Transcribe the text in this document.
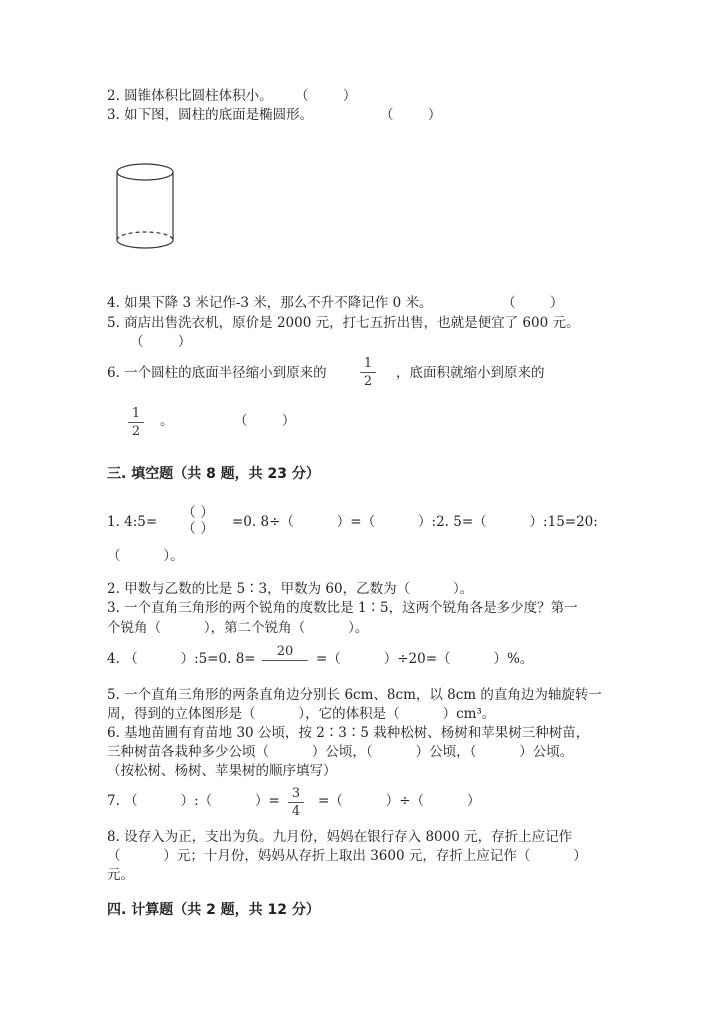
2. 圆锥体积比圆柱体积小。 （        ）
3. 如下图，圆柱的底面是椭圆形。	（        ）
4. 如果下降 3 米记作-3 米，那么不升不降记作 0 米。	（        ）
5. 商店出售洗衣机，原价是 2000 元，打七五折出售，也就是便宜了 600 元。
（        ）
6. 一个圆柱的底面半径缩小到原来的
1
2
，底面积就缩小到原来的
1
2
。	（        ）
三. 填空题（共 8 题，共 23 分）
1. 4:5=
（ ）
（ ） =0. 8÷（          ）=（          ）:2. 5=（          ）:15=20:
（          ）。
2. 甲数与乙数的比是 5∶3，甲数为 60，乙数为（          ）。
3. 一个直角三角形的两个锐角的度数比是 1∶5，这两个锐角各是多少度？第一
个锐角（          ），第二个锐角（          ）。
4. （          ）:5=0. 8=	20	=（          ）÷20=（          ）%。
5. 一个直角三角形的两条直角边分别长 6cm、8cm，以 8cm 的直角边为轴旋转一
周，得到的立体图形是（          ），它的体积是（          ）cm³。
6. 基地苗圃有育苗地 30 公顷，按 2∶3∶5 栽种松树、杨树和苹果树三种树苗，
三种树苗各栽种多少公顷（          ）公顷，（          ）公顷，（          ）公顷。
（按松树、杨树、苹果树的顺序填写）
7. （          ）:（          ）= 3
4
=（          ）÷（          ）
8. 设存入为正，支出为负。九月份，妈妈在银行存入 8000 元，存折上应记作
（          ）元；十月份，妈妈从存折上取出 3600 元，存折上应记作（          ）
元。
四. 计算题（共 2 题，共 12 分）
